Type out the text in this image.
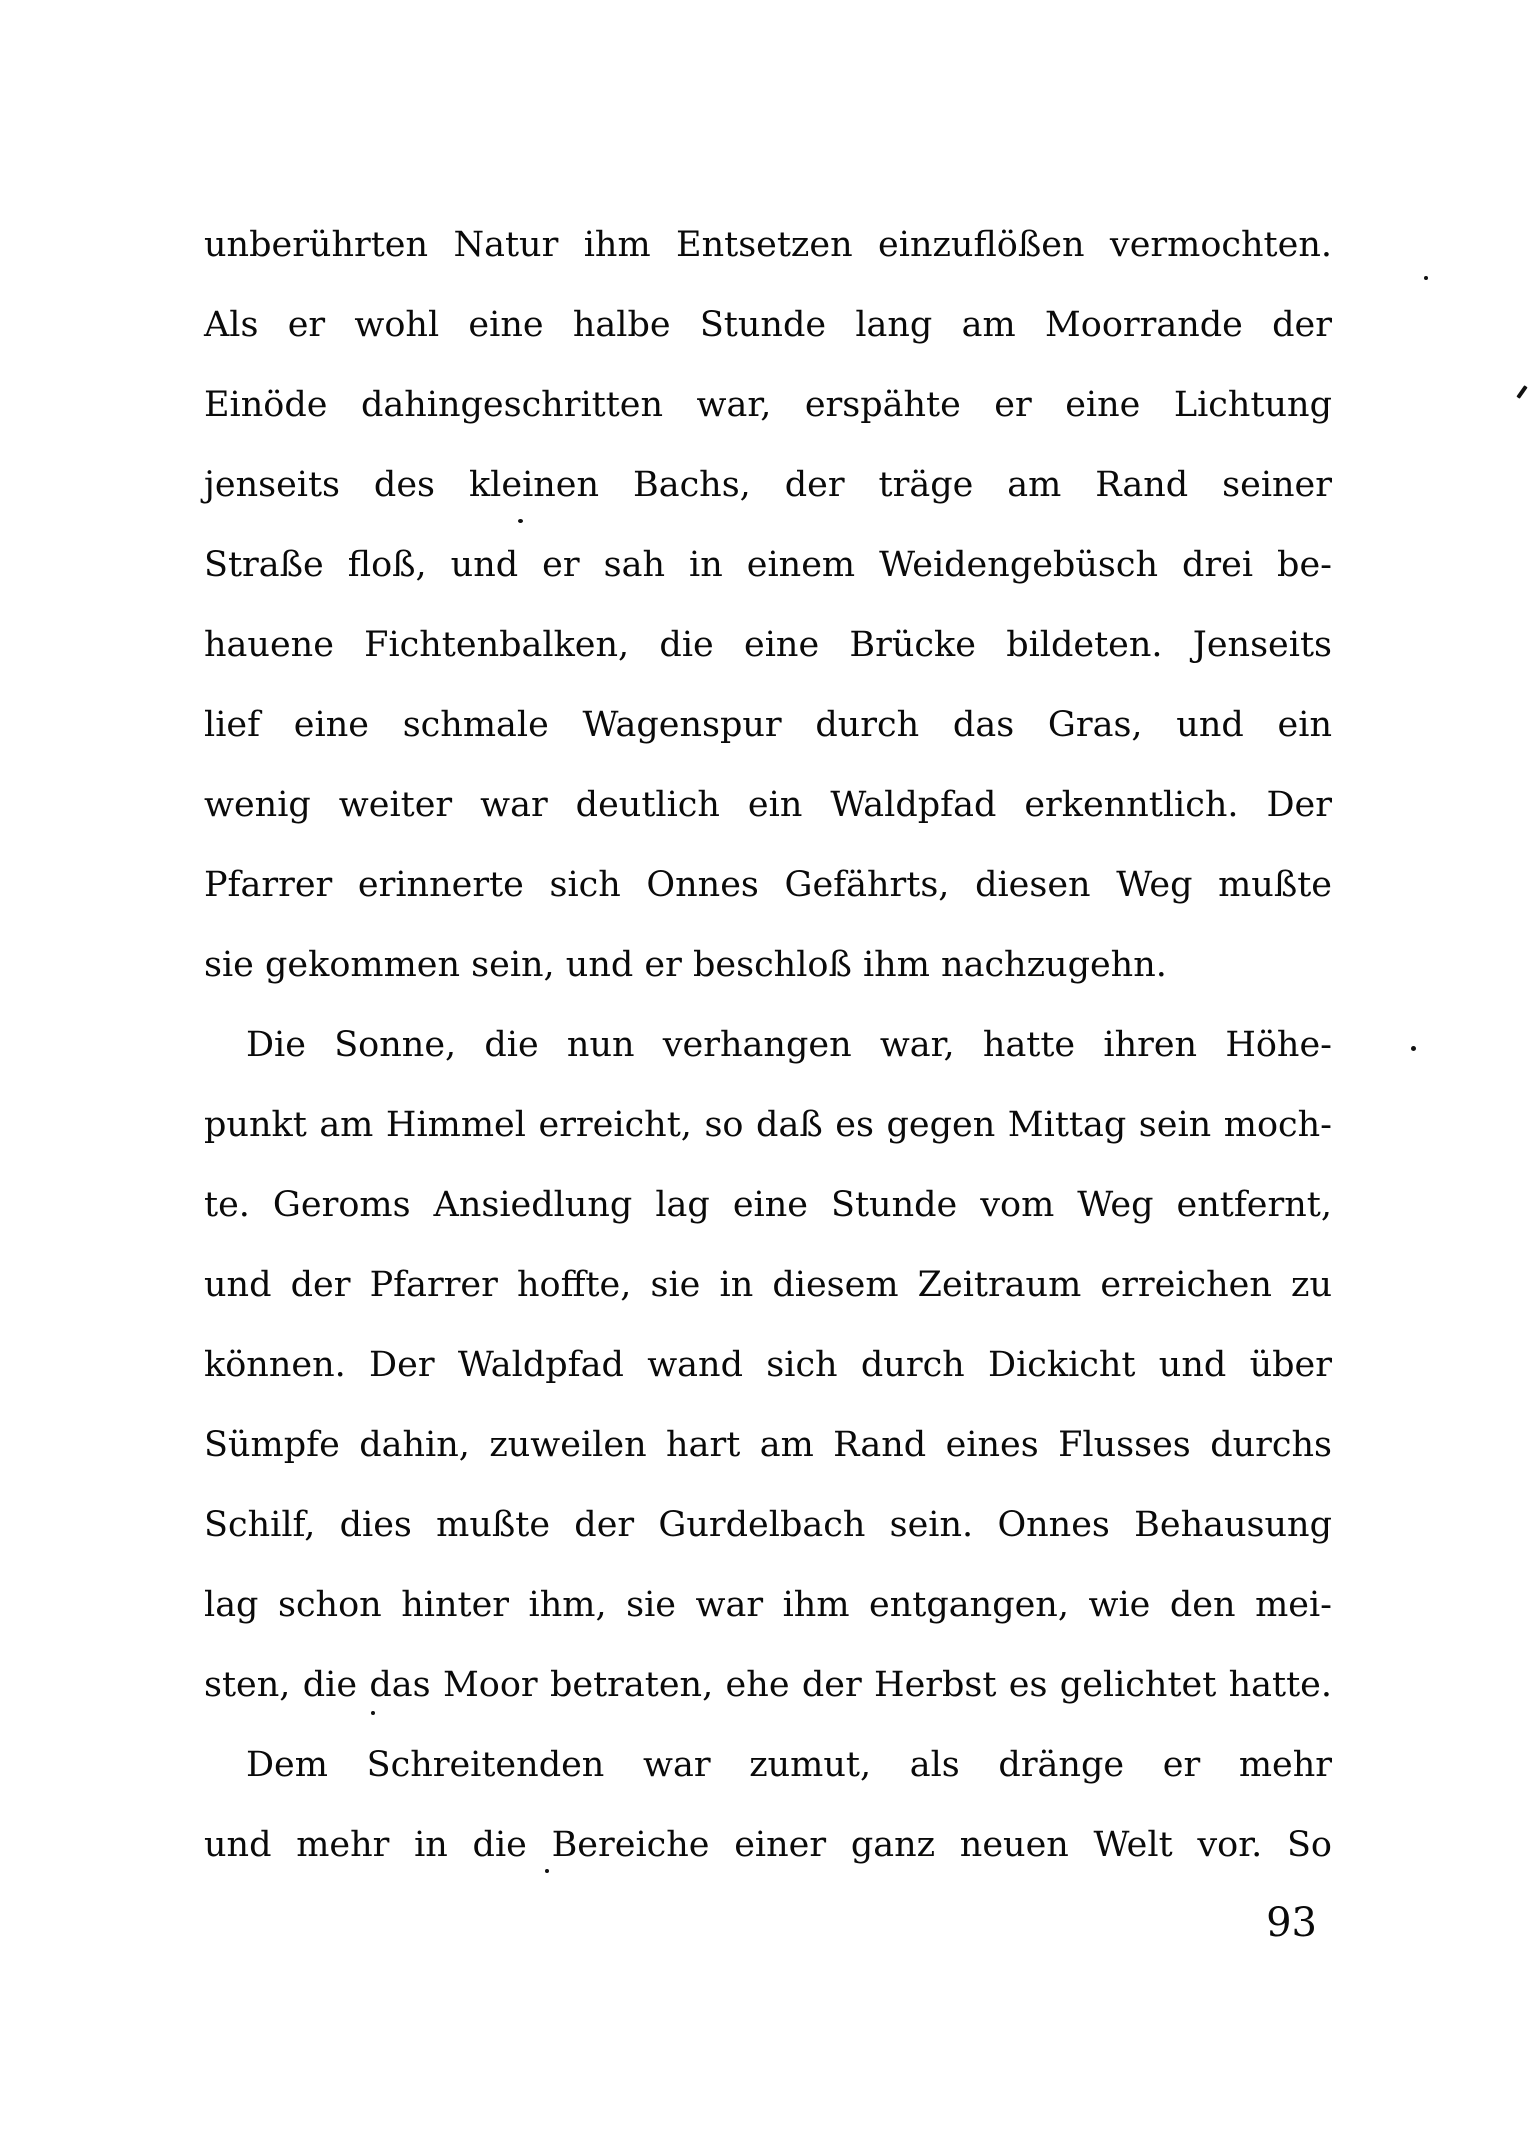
unberührten Natur ihm Entsetzen einzuflößen vermochten.
Als er wohl eine halbe Stunde lang am Moorrande der
Einöde dahingeschritten war, erspähte er eine Lichtung
jenseits des kleinen Bachs, der träge am Rand seiner
Straße floß, und er sah in einem Weidengebüsch drei be-
hauene Fichtenbalken, die eine Brücke bildeten. Jenseits
lief eine schmale Wagenspur durch das Gras, und ein
wenig weiter war deutlich ein Waldpfad erkenntlich. Der
Pfarrer erinnerte sich Onnes Gefährts, diesen Weg mußte
sie gekommen sein, und er beschloß ihm nachzugehn.
Die Sonne, die nun verhangen war, hatte ihren Höhe-
punkt am Himmel erreicht, so daß es gegen Mittag sein moch-
te. Geroms Ansiedlung lag eine Stunde vom Weg entfernt,
und der Pfarrer hoffte, sie in diesem Zeitraum erreichen zu
können. Der Waldpfad wand sich durch Dickicht und über
Sümpfe dahin, zuweilen hart am Rand eines Flusses durchs
Schilf, dies mußte der Gurdelbach sein. Onnes Behausung
lag schon hinter ihm, sie war ihm entgangen, wie den mei-
sten, die das Moor betraten, ehe der Herbst es gelichtet hatte.
Dem Schreitenden war zumut, als dränge er mehr
und mehr in die Bereiche einer ganz neuen Welt vor. So
93
